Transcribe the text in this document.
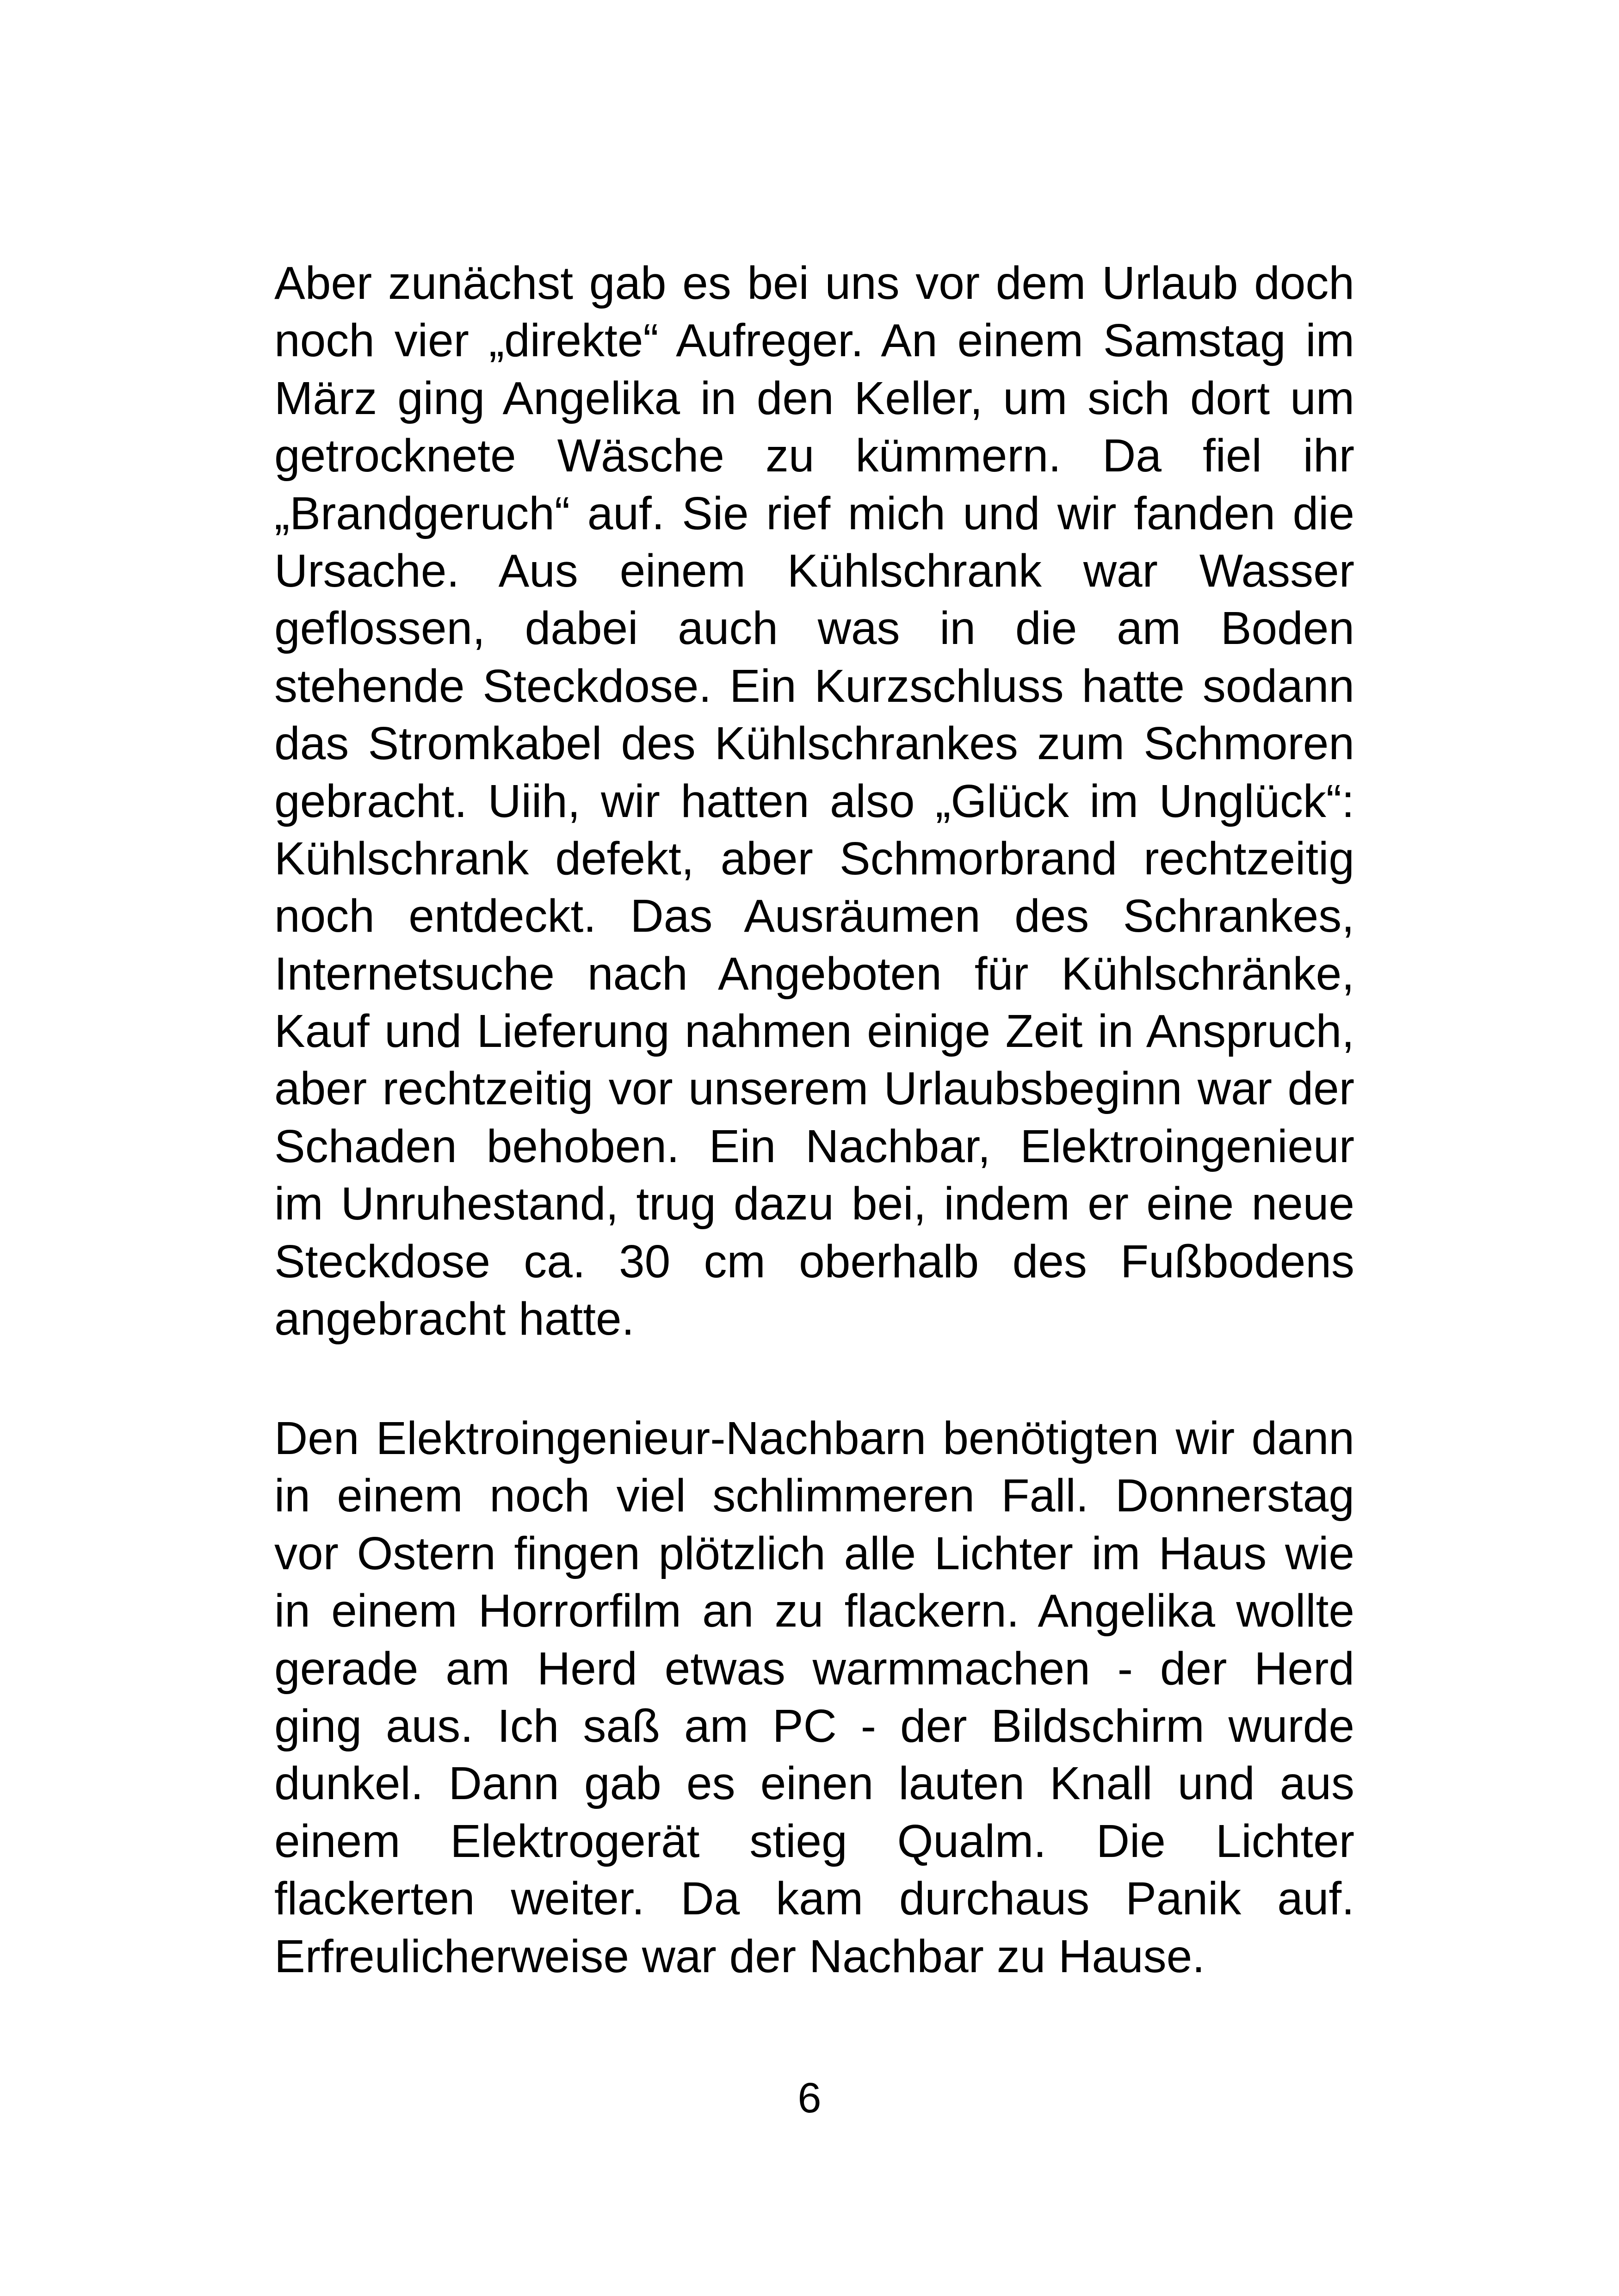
Aber zunächst gab es bei uns vor dem Urlaub doch
noch vier „direkte“ Aufreger. An einem Samstag im
März ging Angelika in den Keller, um sich dort um
getrocknete Wäsche zu kümmern. Da fiel ihr
„Brandgeruch“ auf. Sie rief mich und wir fanden die
Ursache. Aus einem Kühlschrank war Wasser
geflossen, dabei auch was in die am Boden
stehende Steckdose. Ein Kurzschluss hatte sodann
das Stromkabel des Kühlschrankes zum Schmoren
gebracht. Uiih, wir hatten also „Glück im Unglück“:
Kühlschrank defekt, aber Schmorbrand rechtzeitig
noch entdeckt. Das Ausräumen des Schrankes,
Internetsuche nach Angeboten für Kühlschränke,
Kauf und Lieferung nahmen einige Zeit in Anspruch,
aber rechtzeitig vor unserem Urlaubsbeginn war der
Schaden behoben. Ein Nachbar, Elektroingenieur
im Unruhestand, trug dazu bei, indem er eine neue
Steckdose ca. 30 cm oberhalb des Fußbodens
angebracht hatte.
Den Elektroingenieur-Nachbarn benötigten wir dann
in einem noch viel schlimmeren Fall. Donnerstag
vor Ostern fingen plötzlich alle Lichter im Haus wie
in einem Horrorfilm an zu flackern. Angelika wollte
gerade am Herd etwas warmmachen - der Herd
ging aus. Ich saß am PC - der Bildschirm wurde
dunkel. Dann gab es einen lauten Knall und aus
einem Elektrogerät stieg Qualm. Die Lichter
flackerten weiter. Da kam durchaus Panik auf.
Erfreulicherweise war der Nachbar zu Hause.
6
